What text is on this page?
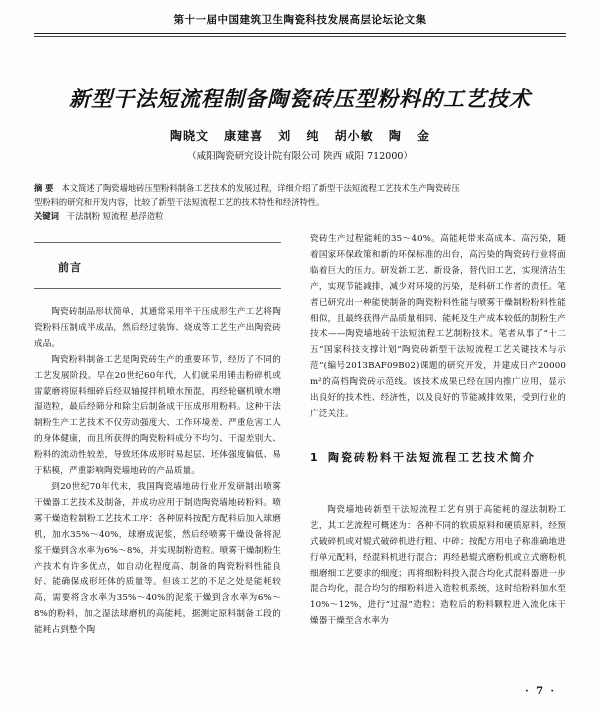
第十一届中国建筑卫生陶瓷科技发展高层论坛论文集
新型干法短流程制备陶瓷砖压型粉料的工艺技术
陶晓文 康建喜 刘 纯 胡小敏 陶 金
（咸阳陶瓷研究设计院有限公司 陕西 咸阳 712000）

摘 要 本文简述了陶瓷墙地砖压型粉料制备工艺技术的发展过程，详细介绍了新型干法短流程工艺技术生产陶瓷砖压

型粉料的研究和开发内容，比较了新型干法短流程工艺的技术特性和经济特性。

关键词 干法制粉 短流程 悬浮造粒

前言

陶瓷砖制品形状简单，其通常采用半干压成形生产工艺将陶瓷粉料压制成半成品，然后经过装饰、烧成等工艺生产出陶瓷砖成品。

陶瓷粉料制备工艺是陶瓷砖生产的重要环节，经历了不同的工艺发展阶段。早在20世纪60年代，人们就采用锤击粉碎机或雷蒙磨将原料细碎后经双轴搅拌机喷水预混，再经轮碾机喷水增湿造粒，最后经筛分和除尘后制备成干压成形用粉料。这种干法制粉生产工艺技术不仅劳动强度大、工作环境差、严重危害工人的身体健康，而且所获得的陶瓷粉料成分不均匀、干湿差别大、粉料的流动性较差，导致坯体成形时易起层、坯体强度偏低、易于粘模，严重影响陶瓷墙地砖的产品质量。

到20世纪70年代末，我国陶瓷墙地砖行业开发研制出喷雾干燥器工艺技术及制备，并成功应用于制造陶瓷墙地砖粉料。喷雾干燥造粒制粉工艺技术工序：各种原料按配方配料后加入球磨机，加水35%～40%，球磨成泥浆，然后经喷雾干燥设备将泥浆干燥到含水率为6%～8%，并实现制粉造粒。喷雾干燥制粉生产技术有许多优点，如自动化程度高、制备的陶瓷粉料性能良好、能确保成形坯体的质量等。但该工艺的不足之处是能耗较高，需要将含水率为35%～40%的泥浆干燥到含水率为6%～8%的粉料，加之湿法球磨机的高能耗，据测定原料制备工段的能耗占到整个陶

瓷砖生产过程能耗的35～40%。高能耗带来高成本、高污染，随着国家环保政策和新的环保标准的出台，高污染的陶瓷砖行业将面临着巨大的压力。研发新工艺、新设备，替代旧工艺，实现清洁生产，实现节能减排，减少对环境的污染，是科研工作者的责任。笔者已研究出一种能使制备的陶瓷粉料性能与喷雾干燥制粉粉料性能相似，且最终获得产品质量相同、能耗及生产成本较低的制粉生产技术——陶瓷墙地砖干法短流程工艺制粉技术。笔者从事了“十二五”国家科技支撑计划“陶瓷砖新型干法短流程工艺关键技术与示范”(编号2013BAF09B02)课题的研究开发，并建成日产20000 m²的高档陶瓷砖示范线。该技术成果已经在国内推广应用，显示出良好的技术性、经济性，以及良好的节能减排效果，受到行业的广泛关注。

1 陶瓷砖粉料干法短流程工艺技术简介

陶瓷墙地砖新型干法短流程工艺有别于高能耗的湿法制粉工艺，其工艺流程可概述为：各种不同的软质原料和硬质原料，经预式破碎机或对辊式破碎机进行粗、中碎；按配方用电子称准确地进行单元配料，经混料机进行混合；再经悬辊式磨粉机或立式磨粉机细磨细工艺要求的细度；再将细粉料投入混合均化式混料器进一步混合均化，混合均匀的细粉料进入造粒机系统，这时给粉料加水至10%～12%，进行“过湿”造粒；造粒后的粉料颗粒进入流化床干燥器干燥至含水率为

· 7 ·
